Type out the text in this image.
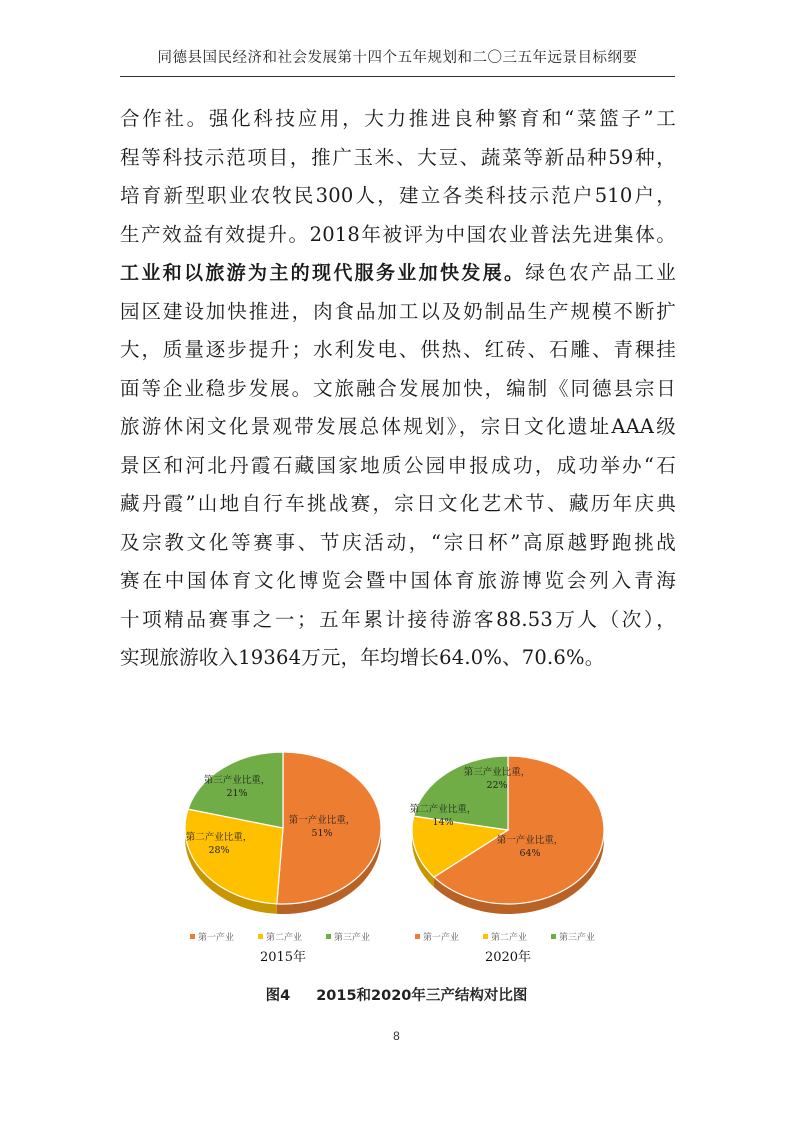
同德县国民经济和社会发展第十四个五年规划和二〇三五年远景目标纲要
合作社。强化科技应用，大力推进良种繁育和“菜篮子”工
程等科技示范项目，推广玉米、大豆、蔬菜等新品种59种，
培育新型职业农牧民300人，建立各类科技示范户510户，
生产效益有效提升。2018年被评为中国农业普法先进集体。
工业和以旅游为主的现代服务业加快发展。绿色农产品工业
园区建设加快推进，肉食品加工以及奶制品生产规模不断扩
大，质量逐步提升；水利发电、供热、红砖、石雕、青稞挂
面等企业稳步发展。文旅融合发展加快，编制《同德县宗日
旅游休闲文化景观带发展总体规划》，宗日文化遗址AAA级
景区和河北丹霞石藏国家地质公园申报成功，成功举办“石
藏丹霞”山地自行车挑战赛，宗日文化艺术节、藏历年庆典
及宗教文化等赛事、节庆活动，“宗日杯”高原越野跑挑战
赛在中国体育文化博览会暨中国体育旅游博览会列入青海
十项精品赛事之一；五年累计接待游客88.53万人（次），
实现旅游收入19364万元，年均增长64.0%、70.6%。
第一产业比重， 51%
第二产业比重， 28%
第三产业比重， 21%
第一产业	第二产业	第三产业
2015年
第一产业比重， 64%
第二产业比重， 14%
第三产业比重， 22%
第一产业	第二产业	第三产业
2020年
图4 2015和2020年三产结构对比图
8
